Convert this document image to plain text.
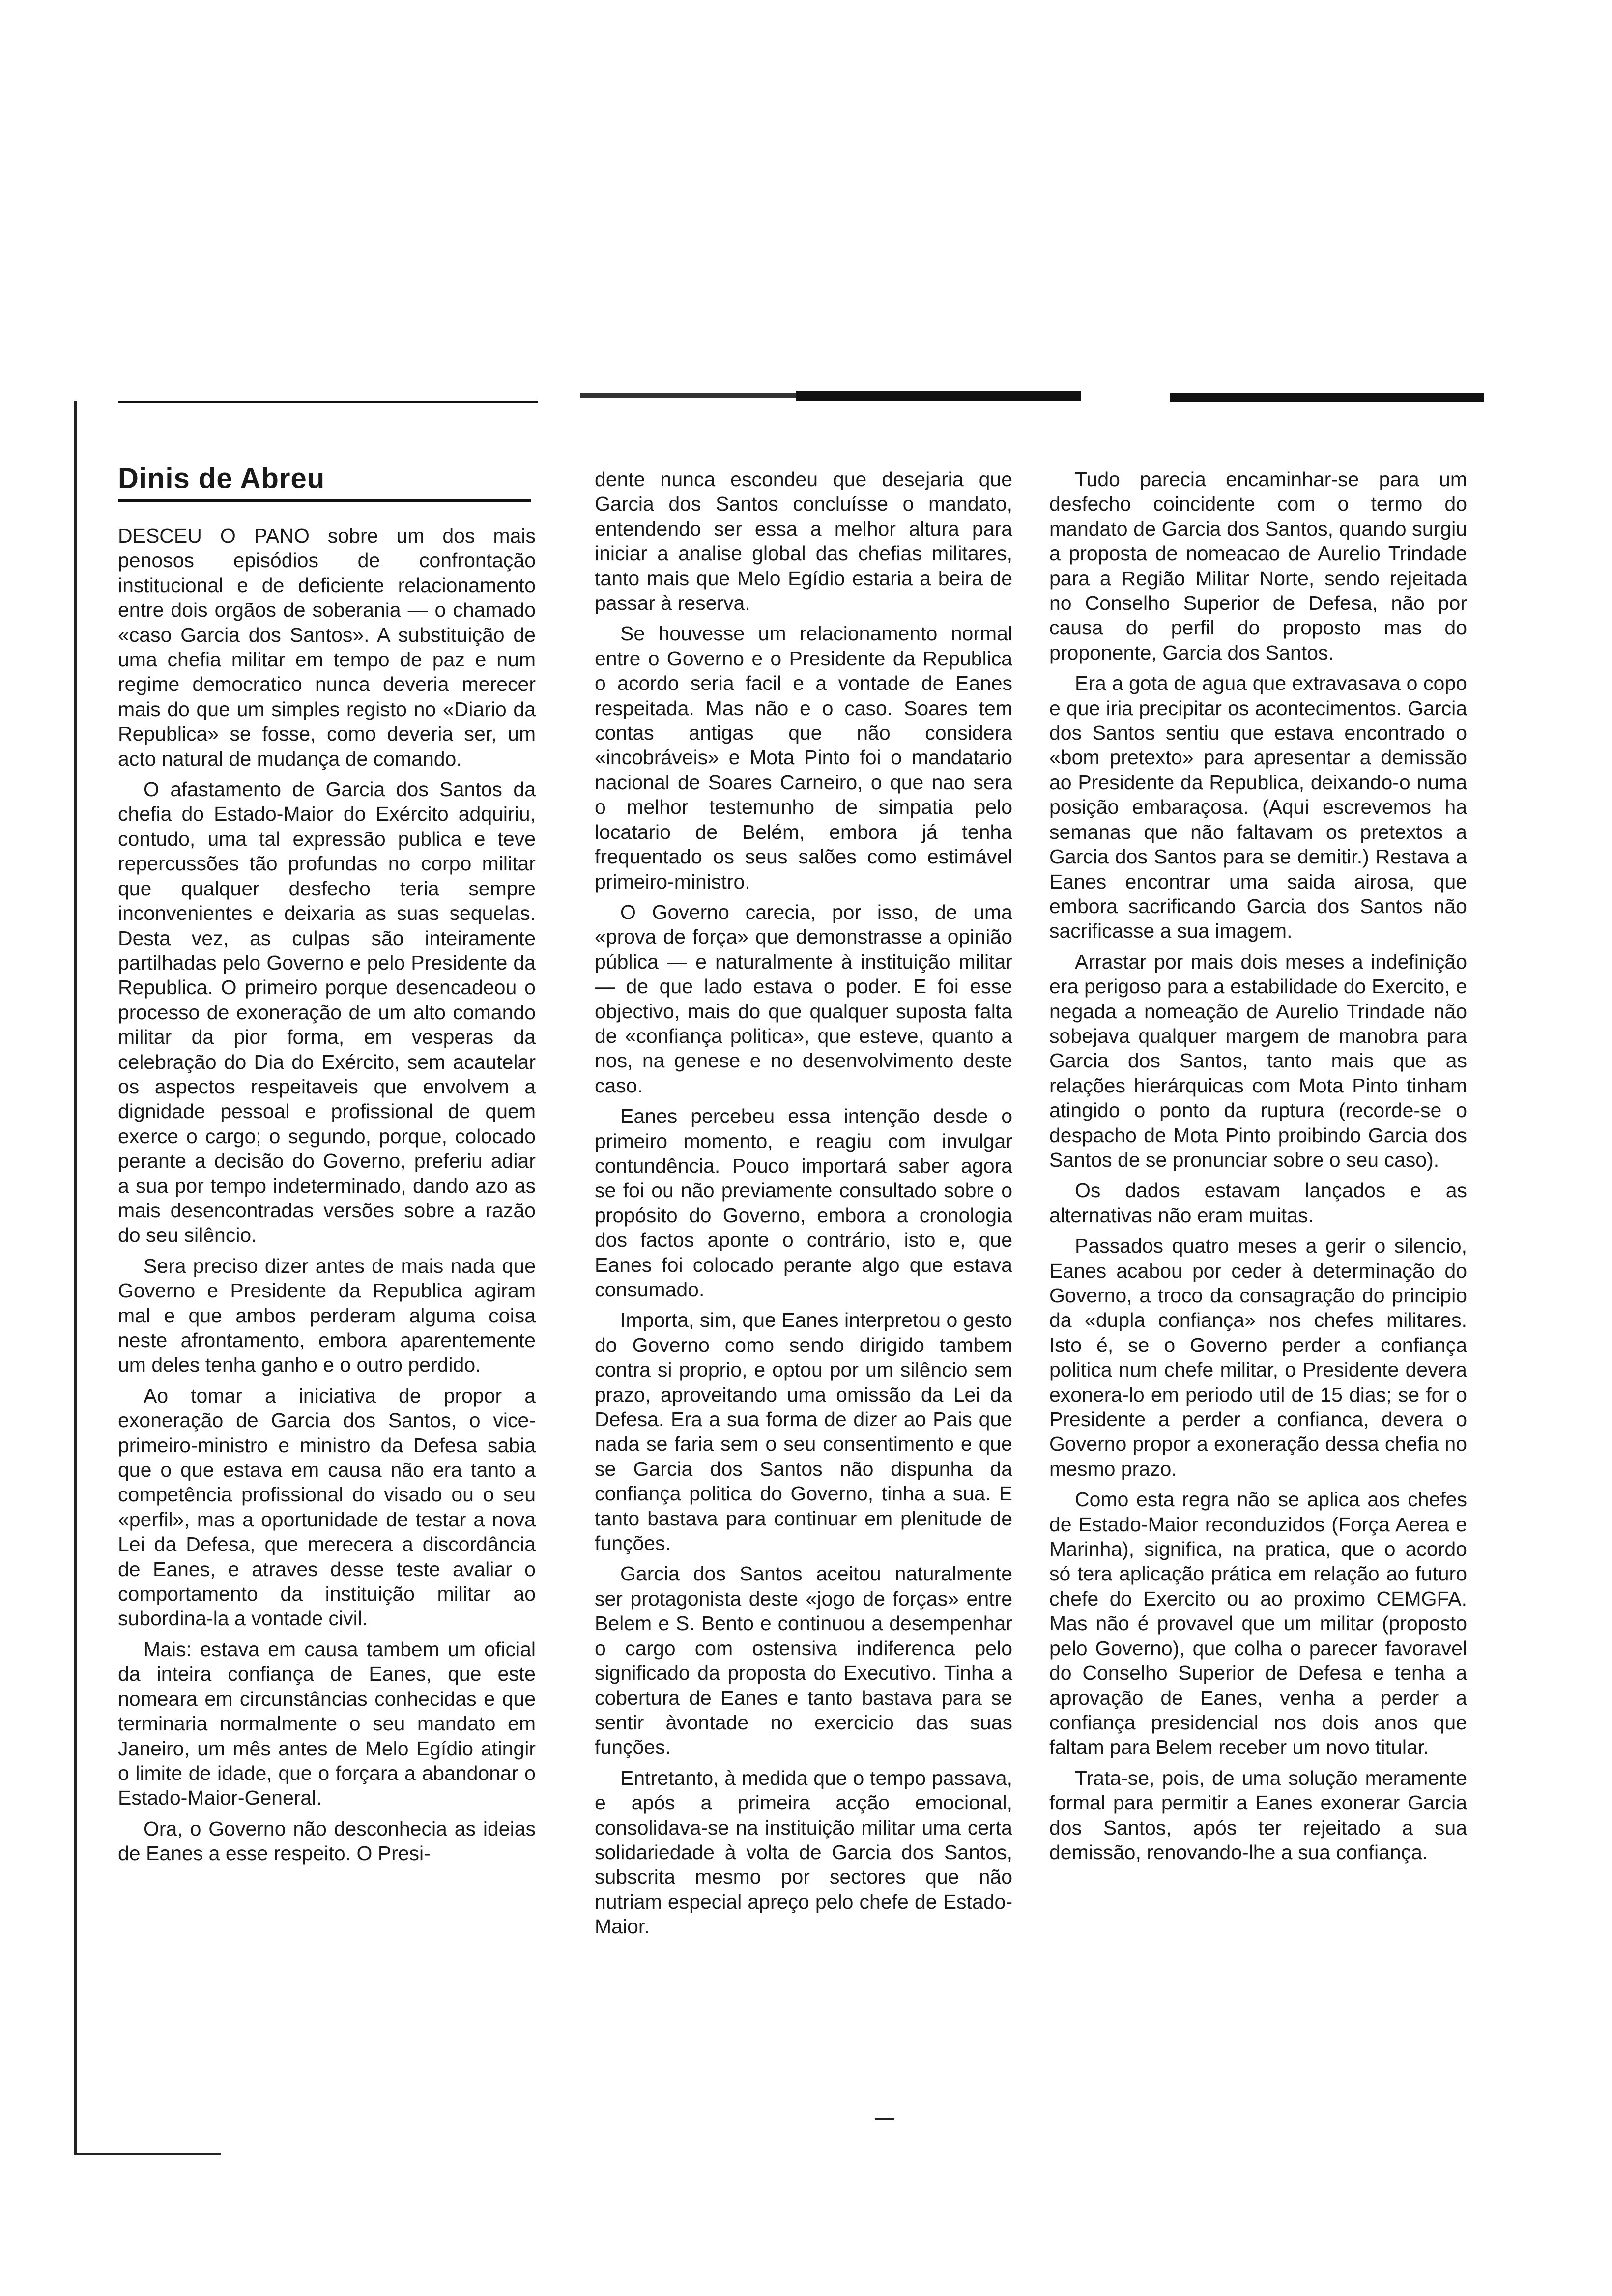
Dinis de Abreu

DESCEU O PANO sobre um dos mais penosos episódios de confrontação institucional e de deficiente relacionamento entre dois orgãos de soberania — o chamado «caso Garcia dos Santos». A substituição de uma chefia militar em tempo de paz e num regime democratico nunca deveria merecer mais do que um simples registo no «Diario da Republica» se fosse, como deveria ser, um acto natural de mudança de comando.

O afastamento de Garcia dos Santos da chefia do Estado-Maior do Exército adquiriu, contudo, uma tal expressão publica e teve repercussões tão profundas no corpo militar que qualquer desfecho teria sempre inconvenientes e deixaria as suas sequelas. Desta vez, as culpas são inteiramente partilhadas pelo Governo e pelo Presidente da Republica. O primeiro porque desencadeou o processo de exoneração de um alto comando militar da pior forma, em vesperas da celebração do Dia do Exército, sem acautelar os aspectos respeitaveis que envolvem a dignidade pessoal e profissional de quem exerce o cargo; o segundo, porque, colocado perante a decisão do Governo, preferiu adiar a sua por tempo indeterminado, dando azo as mais desencontradas versões sobre a razão do seu silêncio.

Sera preciso dizer antes de mais nada que Governo e Presidente da Republica agiram mal e que ambos perderam alguma coisa neste afrontamento, embora aparentemente um deles tenha ganho e o outro perdido.

Ao tomar a iniciativa de propor a exoneração de Garcia dos Santos, o vice-primeiro-ministro e ministro da Defesa sabia que o que estava em causa não era tanto a competência profissional do visado ou o seu «perfil», mas a oportunidade de testar a nova Lei da Defesa, que merecera a discordância de Eanes, e atraves desse teste avaliar o comportamento da instituição militar ao subordina-la a vontade civil.

Mais: estava em causa tambem um oficial da inteira confiança de Eanes, que este nomeara em circunstâncias conhecidas e que terminaria normalmente o seu mandato em Janeiro, um mês antes de Melo Egídio atingir o limite de idade, que o forçara a abandonar o Estado-Maior-General.

Ora, o Governo não desconhecia as ideias de Eanes a esse respeito. O Presi-

dente nunca escondeu que desejaria que Garcia dos Santos concluísse o mandato, entendendo ser essa a melhor altura para iniciar a analise global das chefias militares, tanto mais que Melo Egídio estaria a beira de passar à reserva.

Se houvesse um relacionamento normal entre o Governo e o Presidente da Republica o acordo seria facil e a vontade de Eanes respeitada. Mas não e o caso. Soares tem contas antigas que não considera «incobráveis» e Mota Pinto foi o mandatario nacional de Soares Carneiro, o que nao sera o melhor testemunho de simpatia pelo locatario de Belém, embora já tenha frequentado os seus salões como estimável primeiro-ministro.

O Governo carecia, por isso, de uma «prova de força» que demonstrasse a opinião pública — e naturalmente à instituição militar — de que lado estava o poder. E foi esse objectivo, mais do que qualquer suposta falta de «confiança politica», que esteve, quanto a nos, na genese e no desenvolvimento deste caso.

Eanes percebeu essa intenção desde o primeiro momento, e reagiu com invulgar contundência. Pouco importará saber agora se foi ou não previamente consultado sobre o propósito do Governo, embora a cronologia dos factos aponte o contrário, isto e, que Eanes foi colocado perante algo que estava consumado.

Importa, sim, que Eanes interpretou o gesto do Governo como sendo dirigido tambem contra si proprio, e optou por um silêncio sem prazo, aproveitando uma omissão da Lei da Defesa. Era a sua forma de dizer ao Pais que nada se faria sem o seu consentimento e que se Garcia dos Santos não dispunha da confiança politica do Governo, tinha a sua. E tanto bastava para continuar em plenitude de funções.

Garcia dos Santos aceitou naturalmente ser protagonista deste «jogo de forças» entre Belem e S. Bento e continuou a desempenhar o cargo com ostensiva indiferenca pelo significado da proposta do Executivo. Tinha a cobertura de Eanes e tanto bastava para se sentir àvontade no exercicio das suas funções.

Entretanto, à medida que o tempo passava, e após a primeira acção emocional, consolidava-se na instituição militar uma certa solidariedade à volta de Garcia dos Santos, subscrita mesmo por sectores que não nutriam especial apreço pelo chefe de Estado-Maior.

Tudo parecia encaminhar-se para um desfecho coincidente com o termo do mandato de Garcia dos Santos, quando surgiu a proposta de nomeacao de Aurelio Trindade para a Região Militar Norte, sendo rejeitada no Conselho Superior de Defesa, não por causa do perfil do proposto mas do proponente, Garcia dos Santos.

Era a gota de agua que extravasava o copo e que iria precipitar os acontecimentos. Garcia dos Santos sentiu que estava encontrado o «bom pretexto» para apresentar a demissão ao Presidente da Republica, deixando-o numa posição embaraçosa. (Aqui escrevemos ha semanas que não faltavam os pretextos a Garcia dos Santos para se demitir.) Restava a Eanes encontrar uma saida airosa, que embora sacrificando Garcia dos Santos não sacrificasse a sua imagem.

Arrastar por mais dois meses a indefinição era perigoso para a estabilidade do Exercito, e negada a nomeação de Aurelio Trindade não sobejava qualquer margem de manobra para Garcia dos Santos, tanto mais que as relações hierárquicas com Mota Pinto tinham atingido o ponto da ruptura (recorde-se o despacho de Mota Pinto proibindo Garcia dos Santos de se pronunciar sobre o seu caso).

Os dados estavam lançados e as alternativas não eram muitas.

Passados quatro meses a gerir o silencio, Eanes acabou por ceder à determinação do Governo, a troco da consagração do principio da «dupla confiança» nos chefes militares. Isto é, se o Governo perder a confiança politica num chefe militar, o Presidente devera exonera-lo em periodo util de 15 dias; se for o Presidente a perder a confianca, devera o Governo propor a exoneração dessa chefia no mesmo prazo.

Como esta regra não se aplica aos chefes de Estado-Maior reconduzidos (Força Aerea e Marinha), significa, na pratica, que o acordo só tera aplicação prática em relação ao futuro chefe do Exercito ou ao proximo CEMGFA. Mas não é provavel que um militar (proposto pelo Governo), que colha o parecer favoravel do Conselho Superior de Defesa e tenha a aprovação de Eanes, venha a perder a confiança presidencial nos dois anos que faltam para Belem receber um novo titular.

Trata-se, pois, de uma solução meramente formal para permitir a Eanes exonerar Garcia dos Santos, após ter rejeitado a sua demissão, renovando-lhe a sua confiança.
